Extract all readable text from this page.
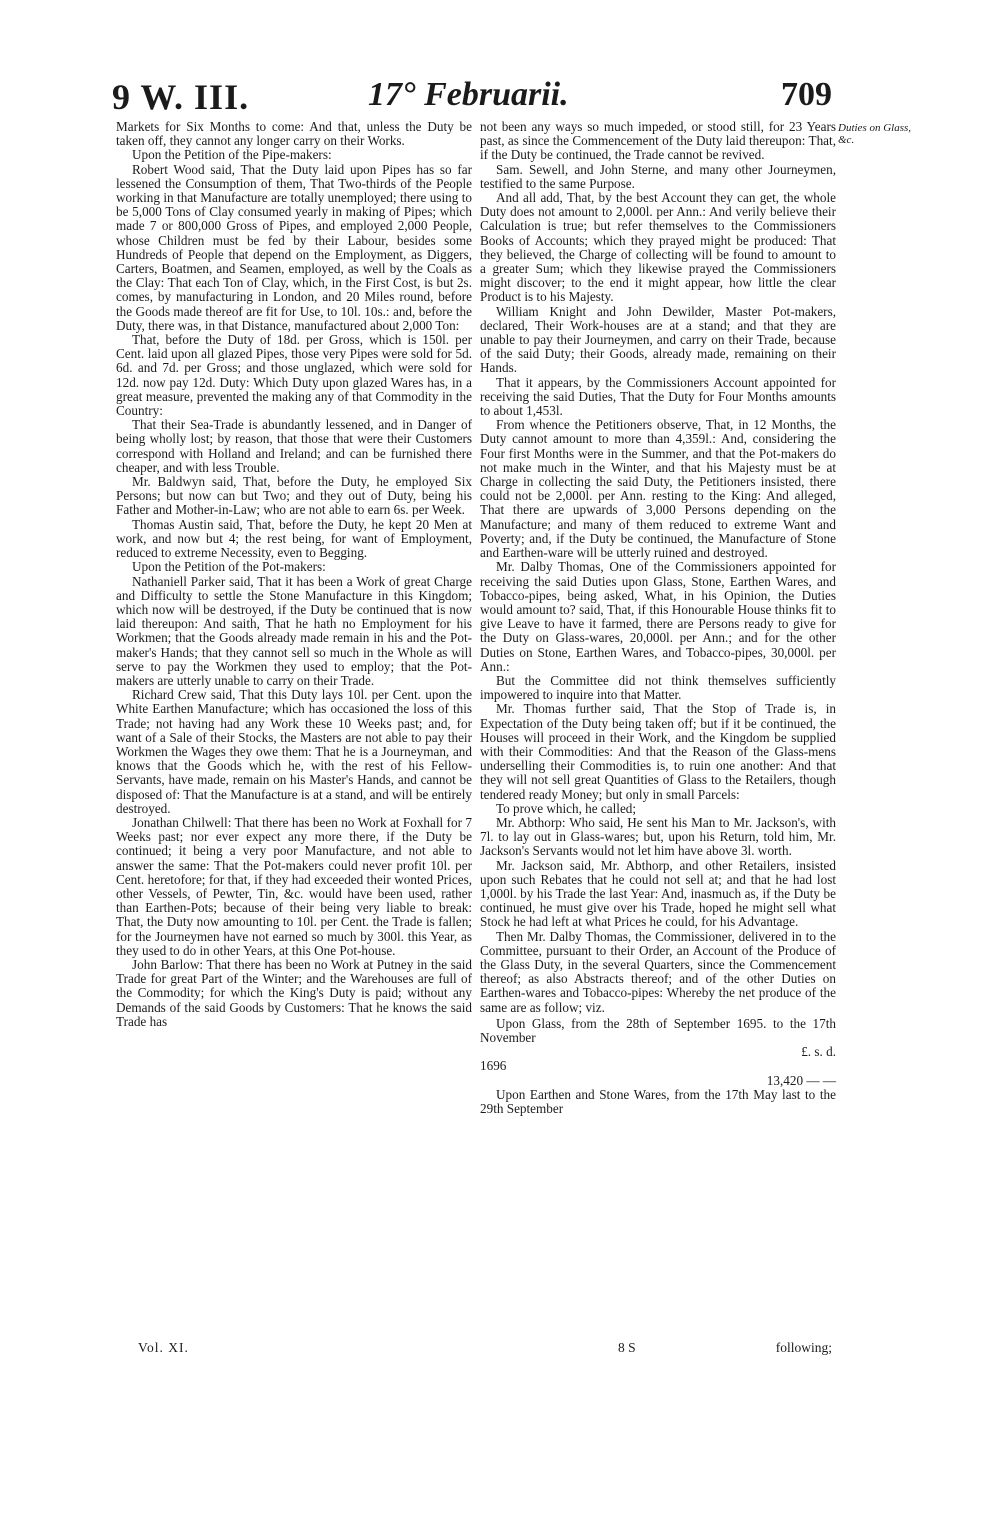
9 W. III.	17° Februarii.	709
Duties on Glass, &c.

Markets for Six Months to come: And that, unless the Duty be taken off, they cannot any longer carry on their Works.

Upon the Petition of the Pipe-makers:

Robert Wood said, That the Duty laid upon Pipes has so far lessened the Consumption of them, That Two-thirds of the People working in that Manufacture are totally unemployed; there using to be 5,000 Tons of Clay consumed yearly in making of Pipes; which made 7 or 800,000 Gross of Pipes, and employed 2,000 People, whose Children must be fed by their Labour, besides some Hundreds of People that depend on the Employment, as Diggers, Carters, Boatmen, and Seamen, employed, as well by the Coals as the Clay: That each Ton of Clay, which, in the First Cost, is but 2s. comes, by manufacturing in London, and 20 Miles round, before the Goods made thereof are fit for Use, to 10l. 10s.: and, before the Duty, there was, in that Distance, manufactured about 2,000 Ton:

That, before the Duty of 18d. per Gross, which is 150l. per Cent. laid upon all glazed Pipes, those very Pipes were sold for 5d. 6d. and 7d. per Gross; and those unglazed, which were sold for 12d. now pay 12d. Duty: Which Duty upon glazed Wares has, in a great measure, prevented the making any of that Commodity in the Country:

That their Sea-Trade is abundantly lessened, and in Danger of being wholly lost; by reason, that those that were their Customers correspond with Holland and Ireland; and can be furnished there cheaper, and with less Trouble.

Mr. Baldwyn said, That, before the Duty, he employed Six Persons; but now can but Two; and they out of Duty, being his Father and Mother-in-Law; who are not able to earn 6s. per Week.

Thomas Austin said, That, before the Duty, he kept 20 Men at work, and now but 4; the rest being, for want of Employment, reduced to extreme Necessity, even to Begging.

Upon the Petition of the Pot-makers:

Nathaniell Parker said, That it has been a Work of great Charge and Difficulty to settle the Stone Manufacture in this Kingdom; which now will be destroyed, if the Duty be continued that is now laid thereupon: And saith, That he hath no Employment for his Workmen; that the Goods already made remain in his and the Pot-maker's Hands; that they cannot sell so much in the Whole as will serve to pay the Workmen they used to employ; that the Pot-makers are utterly unable to carry on their Trade.

Richard Crew said, That this Duty lays 10l. per Cent. upon the White Earthen Manufacture; which has occasioned the loss of this Trade; not having had any Work these 10 Weeks past; and, for want of a Sale of their Stocks, the Masters are not able to pay their Workmen the Wages they owe them: That he is a Journeyman, and knows that the Goods which he, with the rest of his Fellow-Servants, have made, remain on his Master's Hands, and cannot be disposed of: That the Manufacture is at a stand, and will be entirely destroyed.

Jonathan Chilwell: That there has been no Work at Foxhall for 7 Weeks past; nor ever expect any more there, if the Duty be continued; it being a very poor Manufacture, and not able to answer the same: That the Pot-makers could never profit 10l. per Cent. heretofore; for that, if they had exceeded their wonted Prices, other Vessels, of Pewter, Tin, &c. would have been used, rather than Earthen-Pots; because of their being very liable to break: That, the Duty now amounting to 10l. per Cent. the Trade is fallen; for the Journeymen have not earned so much by 300l. this Year, as they used to do in other Years, at this One Pot-house.

John Barlow: That there has been no Work at Putney in the said Trade for great Part of the Winter; and the Warehouses are full of the Commodity; for which the King's Duty is paid; without any Demands of the said Goods by Customers: That he knows the said Trade has

not been any ways so much impeded, or stood still, for 23 Years past, as since the Commencement of the Duty laid thereupon: That, if the Duty be continued, the Trade cannot be revived.

Sam. Sewell, and John Sterne, and many other Journeymen, testified to the same Purpose.

And all add, That, by the best Account they can get, the whole Duty does not amount to 2,000l. per Ann.: And verily believe their Calculation is true; but refer themselves to the Commissioners Books of Accounts; which they prayed might be produced: That they believed, the Charge of collecting will be found to amount to a greater Sum; which they likewise prayed the Commissioners might discover; to the end it might appear, how little the clear Product is to his Majesty.

William Knight and John Dewilder, Master Pot-makers, declared, Their Work-houses are at a stand; and that they are unable to pay their Journeymen, and carry on their Trade, because of the said Duty; their Goods, already made, remaining on their Hands.

That it appears, by the Commissioners Account appointed for receiving the said Duties, That the Duty for Four Months amounts to about 1,453l.

From whence the Petitioners observe, That, in 12 Months, the Duty cannot amount to more than 4,359l.: And, considering the Four first Months were in the Summer, and that the Pot-makers do not make much in the Winter, and that his Majesty must be at Charge in collecting the said Duty, the Petitioners insisted, there could not be 2,000l. per Ann. resting to the King: And alleged, That there are upwards of 3,000 Persons depending on the Manufacture; and many of them reduced to extreme Want and Poverty; and, if the Duty be continued, the Manufacture of Stone and Earthen-ware will be utterly ruined and destroyed.

Mr. Dalby Thomas, One of the Commissioners appointed for receiving the said Duties upon Glass, Stone, Earthen Wares, and Tobacco-pipes, being asked, What, in his Opinion, the Duties would amount to? said, That, if this Honourable House thinks fit to give Leave to have it farmed, there are Persons ready to give for the Duty on Glass-wares, 20,000l. per Ann.; and for the other Duties on Stone, Earthen Wares, and Tobacco-pipes, 30,000l. per Ann.:

But the Committee did not think themselves sufficiently impowered to inquire into that Matter.

Mr. Thomas further said, That the Stop of Trade is, in Expectation of the Duty being taken off; but if it be continued, the Houses will proceed in their Work, and the Kingdom be supplied with their Commodities: And that the Reason of the Glass-mens underselling their Commodities is, to ruin one another: And that they will not sell great Quantities of Glass to the Retailers, though tendered ready Money; but only in small Parcels:

To prove which, he called;

Mr. Abthorp: Who said, He sent his Man to Mr. Jackson's, with 7l. to lay out in Glass-wares; but, upon his Return, told him, Mr. Jackson's Servants would not let him have above 3l. worth.

Mr. Jackson said, Mr. Abthorp, and other Retailers, insisted upon such Rebates that he could not sell at; and that he had lost 1,000l. by his Trade the last Year: And, inasmuch as, if the Duty be continued, he must give over his Trade, hoped he might sell what Stock he had left at what Prices he could, for his Advantage.

Then Mr. Dalby Thomas, the Commissioner, delivered in to the Committee, pursuant to their Order, an Account of the Produce of the Glass Duty, in the several Quarters, since the Commencement thereof; as also Abstracts thereof; and of the other Duties on Earthen-wares and Tobacco-pipes: Whereby the net produce of the same are as follow; viz.

Upon Glass, from the 28th of September 1695. to the 17th November

£. s. d.

1696

13,420 — —

Upon Earthen and Stone Wares, from the 17th May last to the 29th September

Vol. XI.	8 S	following;
